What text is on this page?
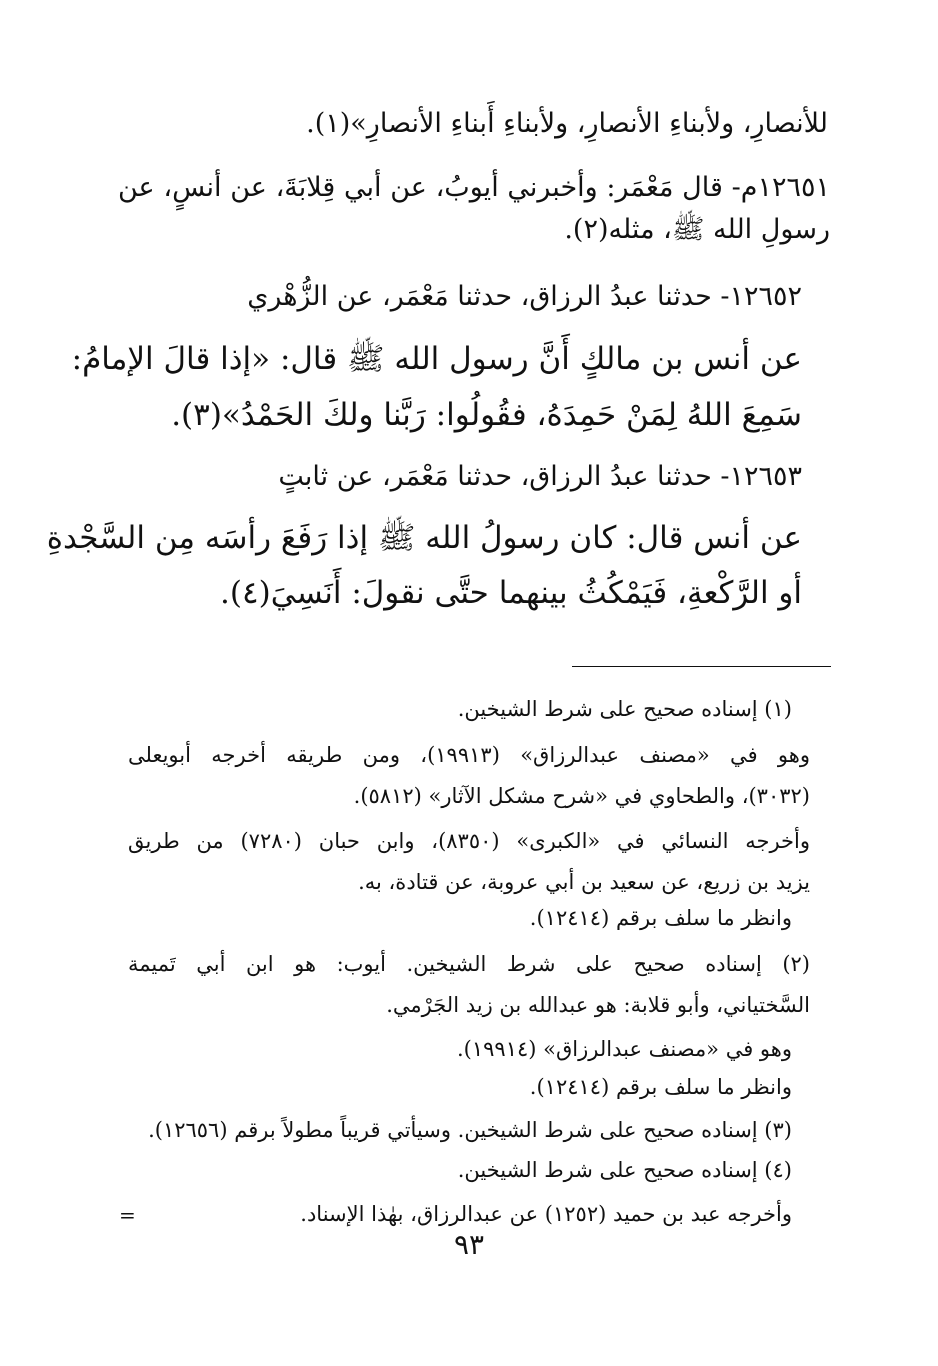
للأنصارِ، ولأبناءِ الأنصارِ، ولأبناءِ أَبناءِ الأنصارِ»(١).

١٢٦٥١م- قال مَعْمَر: وأخبرني أيوبُ، عن أبي قِلابَةَ، عن أنسٍ، عن

رسولِ الله ﷺ، مثله(٢).

١٢٦٥٢- حدثنا عبدُ الرزاق، حدثنا مَعْمَر، عن الزُّهْري

عن أنس بن مالكٍ أَنَّ رسول الله ﷺ قال: «إذا قالَ الإمامُ:

سَمِعَ اللهُ لِمَنْ حَمِدَهُ، فقُولُوا: رَبَّنا ولكَ الحَمْدُ»(٣).

١٢٦٥٣- حدثنا عبدُ الرزاق، حدثنا مَعْمَر، عن ثابتٍ

عن أنس قال: كان رسولُ الله ﷺ إذا رَفَعَ رأسَه مِن السَّجْدةِ

أو الرَّكْعةِ، فَيَمْكُثُ بينهما حتَّى نقولَ: أَنَسِيَ(٤).

(١) إسناده صحيح على شرط الشيخين.

وهو في «مصنف عبدالرزاق» (١٩٩١٣)، ومن طريقه أخرجه أبويعلى

(٣٠٣٢)، والطحاوي في «شرح مشكل الآثار» (٥٨١٢).

وأخرجه النسائي في «الكبرى» (٨٣٥٠)، وابن حبان (٧٢٨٠) من طريق

يزيد بن زريع، عن سعيد بن أبي عروبة، عن قتادة، به.

وانظر ما سلف برقم (١٢٤١٤).

(٢) إسناده صحيح على شرط الشيخين. أيوب: هو ابن أبي تَميمة

السَّختياني، وأبو قلابة: هو عبدالله بن زيد الجَرْمي.

وهو في «مصنف عبدالرزاق» (١٩٩١٤).

وانظر ما سلف برقم (١٢٤١٤).

(٣) إسناده صحيح على شرط الشيخين. وسيأتي قريباً مطولاً برقم (١٢٦٥٦).

(٤) إسناده صحيح على شرط الشيخين.

وأخرجه عبد بن حميد (١٢٥٢) عن عبدالرزاق، بهٰذا الإسناد.

=
٩٣
